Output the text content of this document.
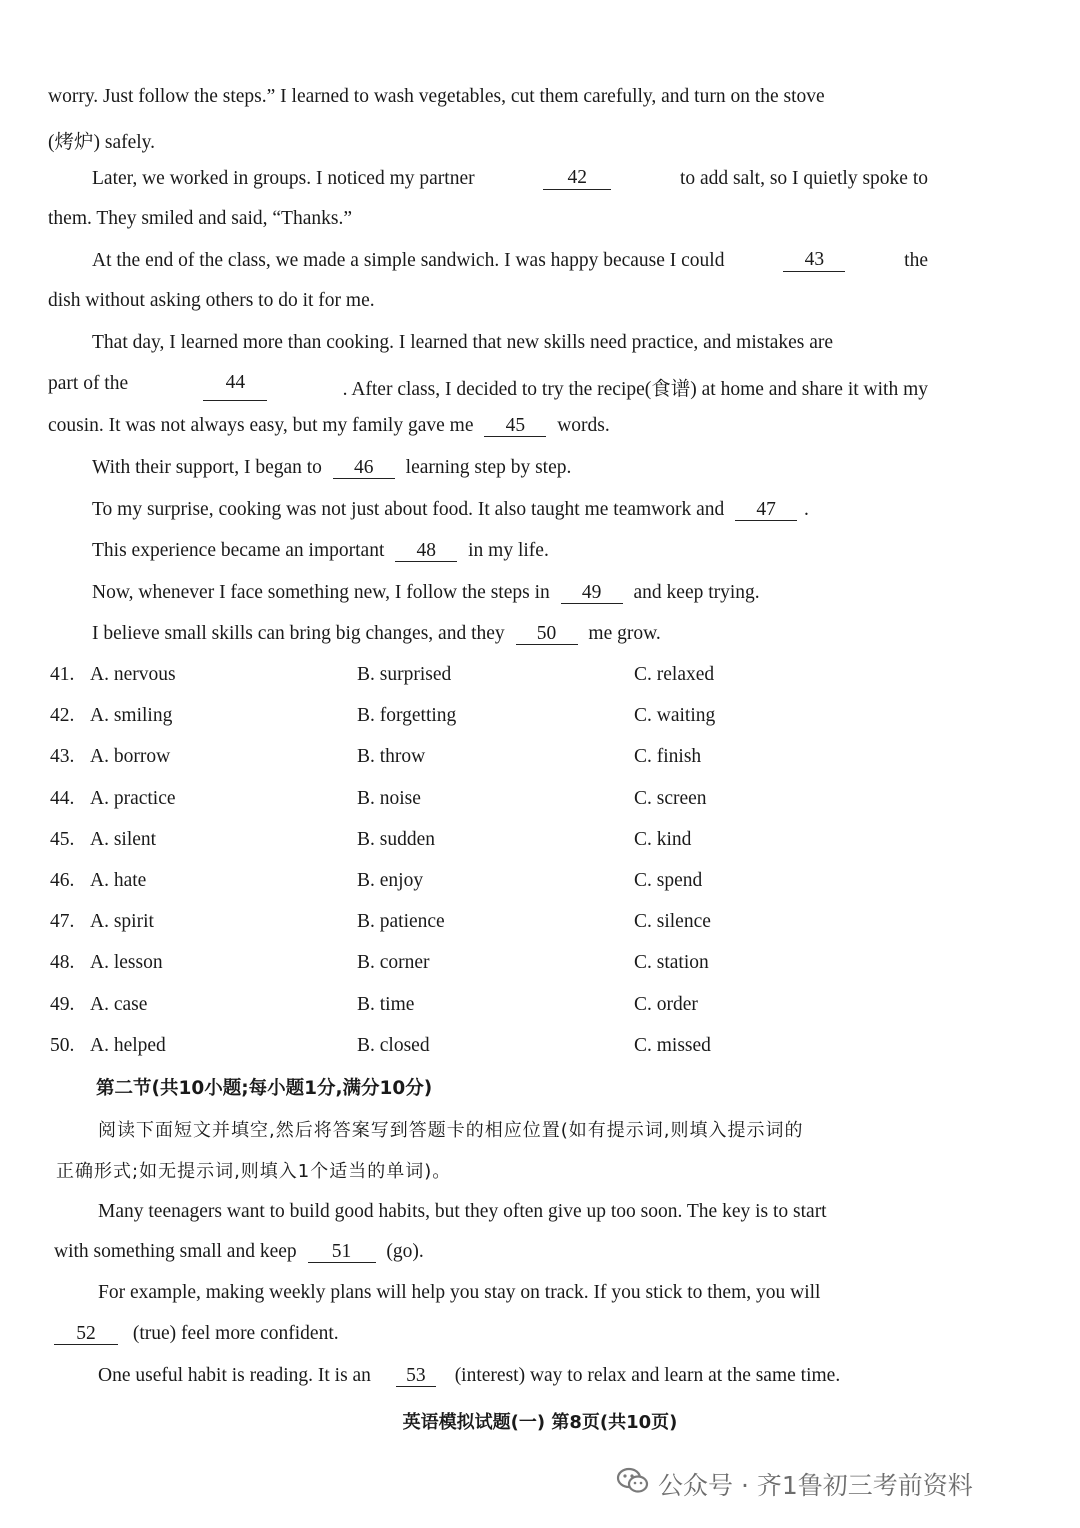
worry. Just follow the steps.” I learned to wash vegetables, cut them carefully, and turn on the stove
(烤炉) safely.
Later, we worked in groups. I noticed my partner	42	to add salt, so I quietly spoke to
them. They smiled and said, “Thanks.”
At the end of the class, we made a simple sandwich. I was happy because I could	43	the
dish without asking others to do it for me.
That day, I learned more than cooking. I learned that new skills need practice, and mistakes are
part of the	44	. After class, I decided to try the recipe(食谱) at home and share it with my
cousin. It was not always easy, but my family gave me 45 words.
With their support, I began to 46 learning step by step.
To my surprise, cooking was not just about food. It also taught me teamwork and 47 .
This experience became an important 48 in my life.
Now, whenever I face something new, I follow the steps in 49 and keep trying.
I believe small skills can bring big changes, and they 50 me grow.
41. A. nervous	B. surprised	C. relaxed
42. A. smiling	B. forgetting	C. waiting
43. A. borrow	B. throw	C. finish
44. A. practice	B. noise	C. screen
45. A. silent	B. sudden	C. kind
46. A. hate	B. enjoy	C. spend
47. A. spirit	B. patience	C. silence
48. A. lesson	B. corner	C. station
49. A. case	B. time	C. order
50. A. helped	B. closed	C. missed
第二节(共10小题;每小题1分,满分10分)
阅读下面短文并填空,然后将答案写到答题卡的相应位置(如有提示词,则填入提示词的
正确形式;如无提示词,则填入1个适当的单词)。
Many teenagers want to build good habits, but they often give up too soon. The key is to start
with something small and keep 51 (go).
For example, making weekly plans will help you stay on track. If you stick to them, you will
52 (true) feel more confident.
One useful habit is reading. It is an 53 (interest) way to relax and learn at the same time.
英语模拟试题(一) 第8页(共10页)
公众号 · 齐1鲁初三考前资料
